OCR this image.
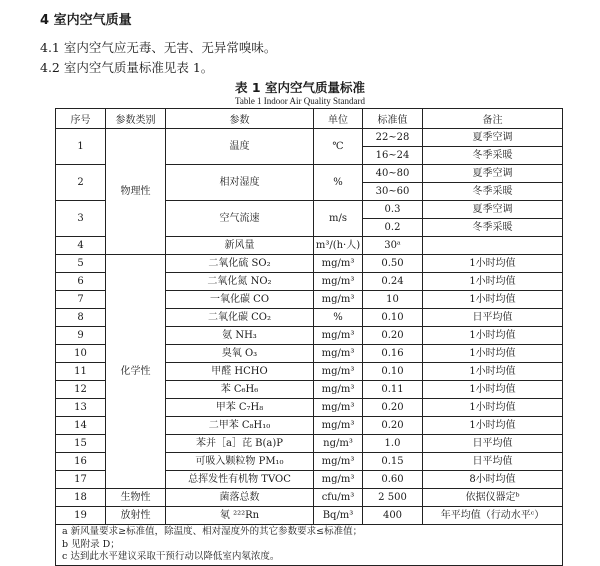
4 室内空气质量
4.1 室内空气应无毒、无害、无异常嗅味。
4.2 室内空气质量标准见表 1。
表 1 室内空气质量标准
Table 1 Indoor Air Quality Standard
序号	参数类别	参数	单位	标准值	备注
1	物理性	温度	℃	22~28	夏季空调
				16~24	冬季采暖
2		相对湿度	%	40~80	夏季空调
				30~60	冬季采暖
3		空气流速	m/s	0.3	夏季空调
				0.2	冬季采暖
4		新风量	m³/(h·人)	30ᵃ	
5	化学性	二氧化硫 SO₂	mg/m³	0.50	1小时均值
6		二氧化氮 NO₂	mg/m³	0.24	1小时均值
7		一氧化碳 CO	mg/m³	10	1小时均值
8		二氧化碳 CO₂	%	0.10	日平均值
9		氨 NH₃	mg/m³	0.20	1小时均值
10		臭氧 O₃	mg/m³	0.16	1小时均值
11		甲醛 HCHO	mg/m³	0.10	1小时均值
12		苯 C₆H₆	mg/m³	0.11	1小时均值
13		甲苯 C₇H₈	mg/m³	0.20	1小时均值
14		二甲苯 C₈H₁₀	mg/m³	0.20	1小时均值
15		苯并［a］芘 B(a)P	ng/m³	1.0	日平均值
16		可吸入颗粒物 PM₁₀	mg/m³	0.15	日平均值
17		总挥发性有机物 TVOC	mg/m³	0.60	8小时均值
18	生物性	菌落总数	cfu/m³	2 500	依据仪器定ᵇ
19	放射性	氡 ²²²Rn	Bq/m³	400	年平均值（行动水平ᶜ）

a 新风量要求≥标准值，除温度、相对湿度外的其它参数要求≤标准值；
b 见附录 D；
c 达到此水平建议采取干预行动以降低室内氡浓度。					
